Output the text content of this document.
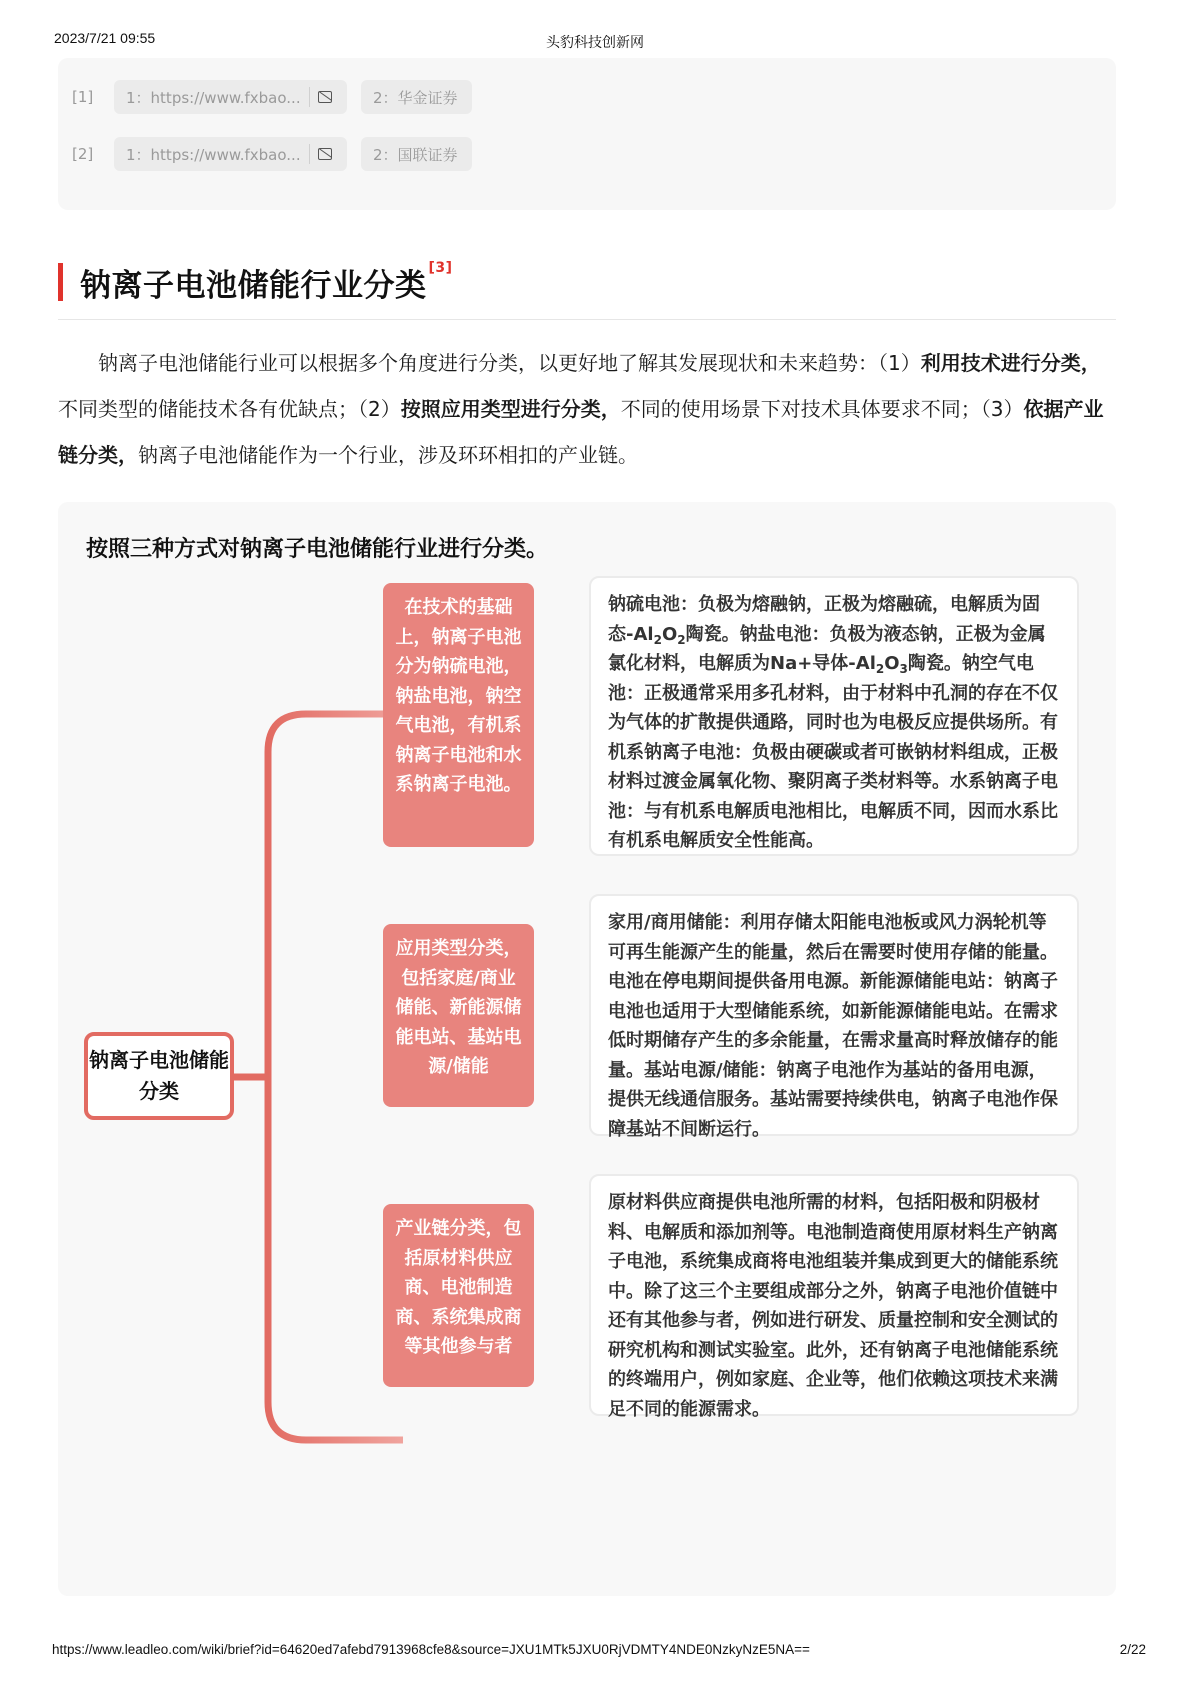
2023/7/21 09:55	头豹科技创新网
[1]	1：https://www.fxbao...	2：华金证券
[2]	1：https://www.fxbao...	2：国联证券
钠离子电池储能行业分类 [3]

钠离子电池储能行业可以根据多个角度进行分类，以更好地了解其发展现状和未来趋势：（1）利用技术进行分类，不同类型的储能技术各有优缺点；（2）按照应用类型进行分类，不同的使用场景下对技术具体要求不同；（3）依据产业链分类，钠离子电池储能作为一个行业，涉及环环相扣的产业链。

按照三种方式对钠离子电池储能行业进行分类。
钠离子电池储能分类
在技术的基础上，钠离子电池分为钠硫电池，钠盐电池，钠空气电池，有机系钠离子电池和水系钠离子电池。
应用类型分类，包括家庭/商业储能、新能源储能电站、基站电源/储能
产业链分类，包括原材料供应商、电池制造商、系统集成商等其他参与者
钠硫电池：负极为熔融钠，正极为熔融硫，电解质为固态$-Al_2O_2$陶瓷。钠盐电池：负极为液态钠，正极为金属氯化材料，电解质为Na+导体$-Al_2O_3$陶瓷。钠空气电池：正极通常采用多孔材料，由于材料中孔洞的存在不仅为气体的扩散提供通路，同时也为电极反应提供场所。有机系钠离子电池：负极由硬碳或者可嵌钠材料组成，正极材料过渡金属氧化物、聚阴离子类材料等。水系钠离子电池：与有机系电解质电池相比，电解质不同，因而水系比有机系电解质安全性能高。
家用/商用储能：利用存储太阳能电池板或风力涡轮机等可再生能源产生的能量，然后在需要时使用存储的能量。电池在停电期间提供备用电源。新能源储能电站：钠离子电池也适用于大型储能系统，如新能源储能电站。在需求低时期储存产生的多余能量，在需求量高时释放储存的能量。基站电源/储能：钠离子电池作为基站的备用电源，提供无线通信服务。基站需要持续供电，钠离子电池作保障基站不间断运行。
原材料供应商提供电池所需的材料，包括阳极和阴极材料、电解质和添加剂等。电池制造商使用原材料生产钠离子电池，系统集成商将电池组装并集成到更大的储能系统中。除了这三个主要组成部分之外，钠离子电池价值链中还有其他参与者，例如进行研发、质量控制和安全测试的研究机构和测试实验室。此外，还有钠离子电池储能系统的终端用户，例如家庭、企业等，他们依赖这项技术来满足不同的能源需求。
https://www.leadleo.com/wiki/brief?id=64620ed7afebd7913968cfe8&source=JXU1MTk5JXU0RjVDMTY4NDE0NzkyNzE5NA==	2/22
